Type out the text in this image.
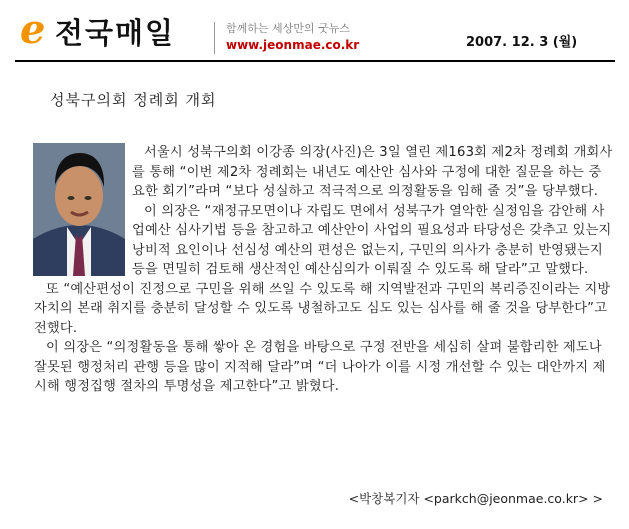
e 전국매일	함께하는 세상만의 굿뉴스
www.jeonmae.co.kr	2007. 12. 3 (월)
성북구의회 정례회 개회

서울시 성북구의회 이강종 의장(사진)은 3일 열린 제163회 제2차 정례회 개회사를 통해 “이번 제2차 정례회는 내년도 예산안 심사와 구정에 대한 질문을 하는 중요한 회기”라며 “보다 성실하고 적극적으로 의정활동을 임해 줄 것”을 당부했다.

이 의장은 “재정규모면이나 자립도 면에서 성북구가 열악한 실정임을 감안해 사업예산 심사기법 등을 참고하고 예산안이 사업의 필요성과 타당성은 갖추고 있는지 낭비적 요인이나 선심성 예산의 편성은 없는지, 구민의 의사가 충분히 반영됐는지 등을 면밀히 검토해 생산적인 예산심의가 이뤄질 수 있도록 해 달라”고 말했다.

또 “예산편성이 진정으로 구민을 위해 쓰일 수 있도록 해 지역발전과 구민의 복리증진이라는 지방자치의 본래 취지를 충분히 달성할 수 있도록 냉철하고도 심도 있는 심사를 해 줄 것을 당부한다”고 전했다.

이 의장은 “의정활동을 통해 쌓아 온 경험을 바탕으로 구정 전반을 세심히 살펴 불합리한 제도나 잘못된 행정처리 관행 등을 많이 지적해 달라”며 “더 나아가 이를 시정 개선할 수 있는 대안까지 제시해 행정집행 절차의 투명성을 제고한다”고 밝혔다.

<박창복기자 <parkch@jeonmae.co.kr> >
